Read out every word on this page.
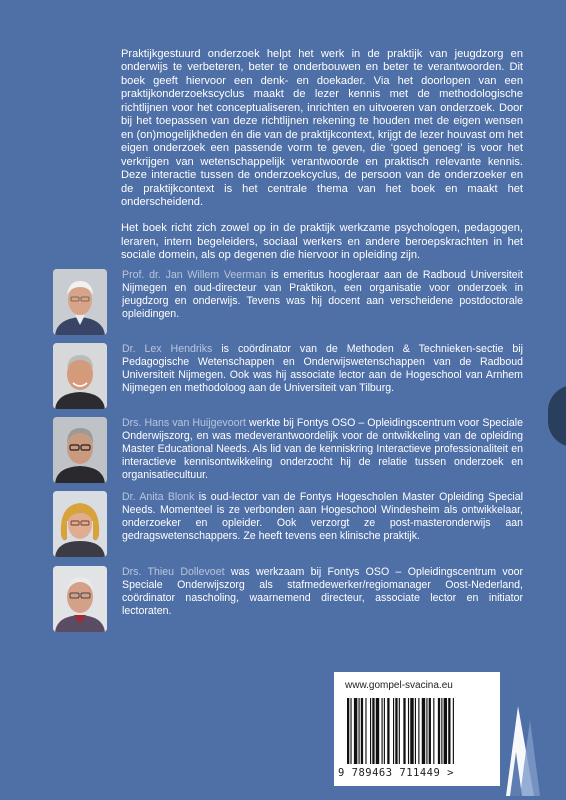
Praktijkgestuurd onderzoek helpt het werk in de praktijk van jeugdzorg en onderwijs te verbeteren, beter te onderbouwen en beter te verantwoorden. Dit boek geeft hiervoor een denk- en doekader. Via het doorlopen van een praktijkonderzoekscyclus maakt de lezer kennis met de methodologische richtlijnen voor het conceptualiseren, inrichten en uitvoeren van onderzoek. Door bij het toepassen van deze richtlijnen rekening te houden met de eigen wensen en (on)mogelijkheden én die van de praktijkcontext, krijgt de lezer houvast om het eigen onderzoek een passende vorm te geven, die ‘goed genoeg’ is voor het verkrijgen van wetenschappelijk verantwoorde en praktisch relevante kennis. Deze interactie tussen de onderzoekcyclus, de persoon van de onderzoeker en de praktijkcontext is het centrale thema van het boek en maakt het onderscheidend.

Het boek richt zich zowel op in de praktijk werkzame psychologen, pedagogen, leraren, intern begeleiders, sociaal werkers en andere beroepskrachten in het sociale domein, als op degenen die hiervoor in opleiding zijn.

Prof. dr. Jan Willem Veerman is emeritus hoogleraar aan de Radboud Universiteit Nijmegen en oud-directeur van Praktikon, een organisatie voor onderzoek in jeugdzorg en onderwijs. Tevens was hij docent aan verscheidene postdoctorale opleidingen.
Dr. Lex Hendriks is coördinator van de Methoden & Technieken-sectie bij Pedagogische Wetenschappen en Onderwijswetenschappen van de Radboud Universiteit Nijmegen. Ook was hij associate lector aan de Hogeschool van Arnhem Nijmegen en methodoloog aan de Universiteit van Tilburg.
Drs. Hans van Huijgevoort werkte bij Fontys OSO – Opleidingscentrum voor Speciale Onderwijszorg, en was medeverantwoordelijk voor de ontwikkeling van de opleiding Master Educational Needs. Als lid van de kenniskring Interactieve professionaliteit en interactieve kennisontwikkeling onderzocht hij de relatie tussen onderzoek en organisatiecultuur.
Dr. Anita Blonk is oud-lector van de Fontys Hogescholen Master Opleiding Special Needs. Momenteel is ze verbonden aan Hogeschool Windesheim als ontwikkelaar, onderzoeker en opleider. Ook verzorgt ze post-masteronderwijs aan gedragswetenschappers. Ze heeft tevens een klinische praktijk.
Drs. Thieu Dollevoet was werkzaam bij Fontys OSO – Opleidingscentrum voor Speciale Onderwijszorg als stafmedewerker/regiomanager Oost-Nederland, coördinator nascholing, waarnemend directeur, associate lector en initiator lectoraten.
www.gompel-svacina.eu
9 789463 711449 >
